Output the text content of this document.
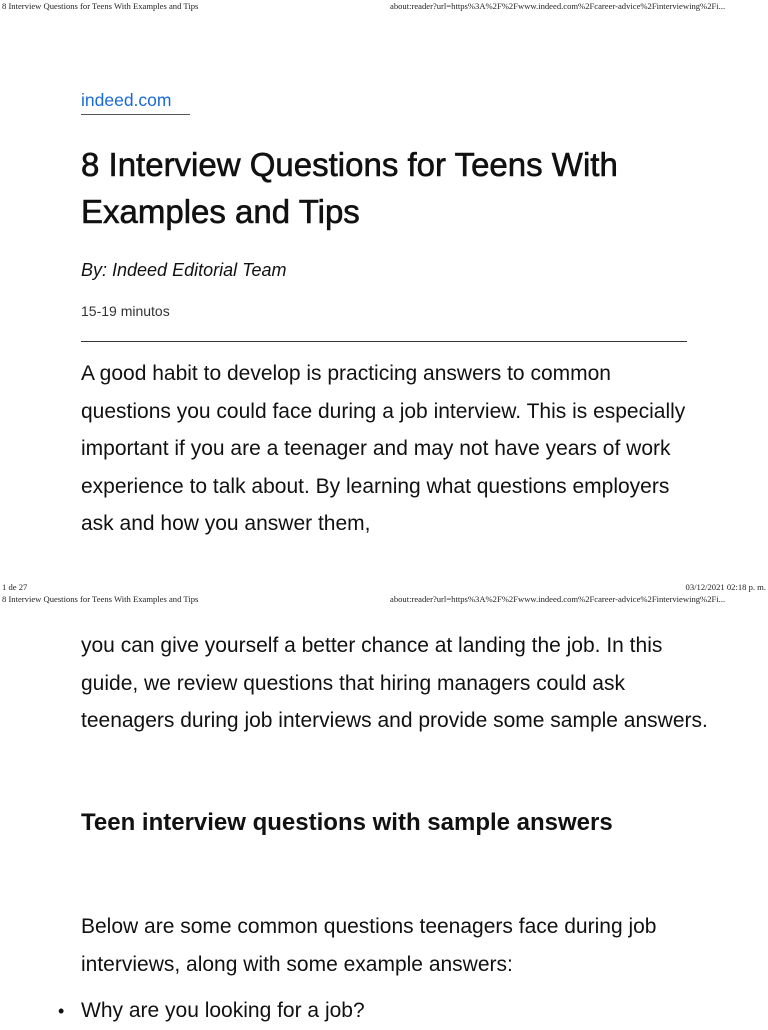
8 Interview Questions for Teens With Examples and Tips	about:reader?url=https%3A%2F%2Fwww.indeed.com%2Fcareer-advice%2Finterviewing%2Fi...
indeed.com
8 Interview Questions for Teens With Examples and Tips

By: Indeed Editorial Team

15-19 minutos

A good habit to develop is practicing answers to common questions you could face during a job interview. This is especially important if you are a teenager and may not have years of work experience to talk about. By learning what questions employers ask and how you answer them,

1 de 27	03/12/2021 02:18 p. m.
8 Interview Questions for Teens With Examples and Tips	about:reader?url=https%3A%2F%2Fwww.indeed.com%2Fcareer-advice%2Finterviewing%2Fi...

you can give yourself a better chance at landing the job. In this guide, we review questions that hiring managers could ask teenagers during job interviews and provide some sample answers.

Teen interview questions with sample answers

Below are some common questions teenagers face during job interviews, along with some example answers:

• Why are you looking for a job?
